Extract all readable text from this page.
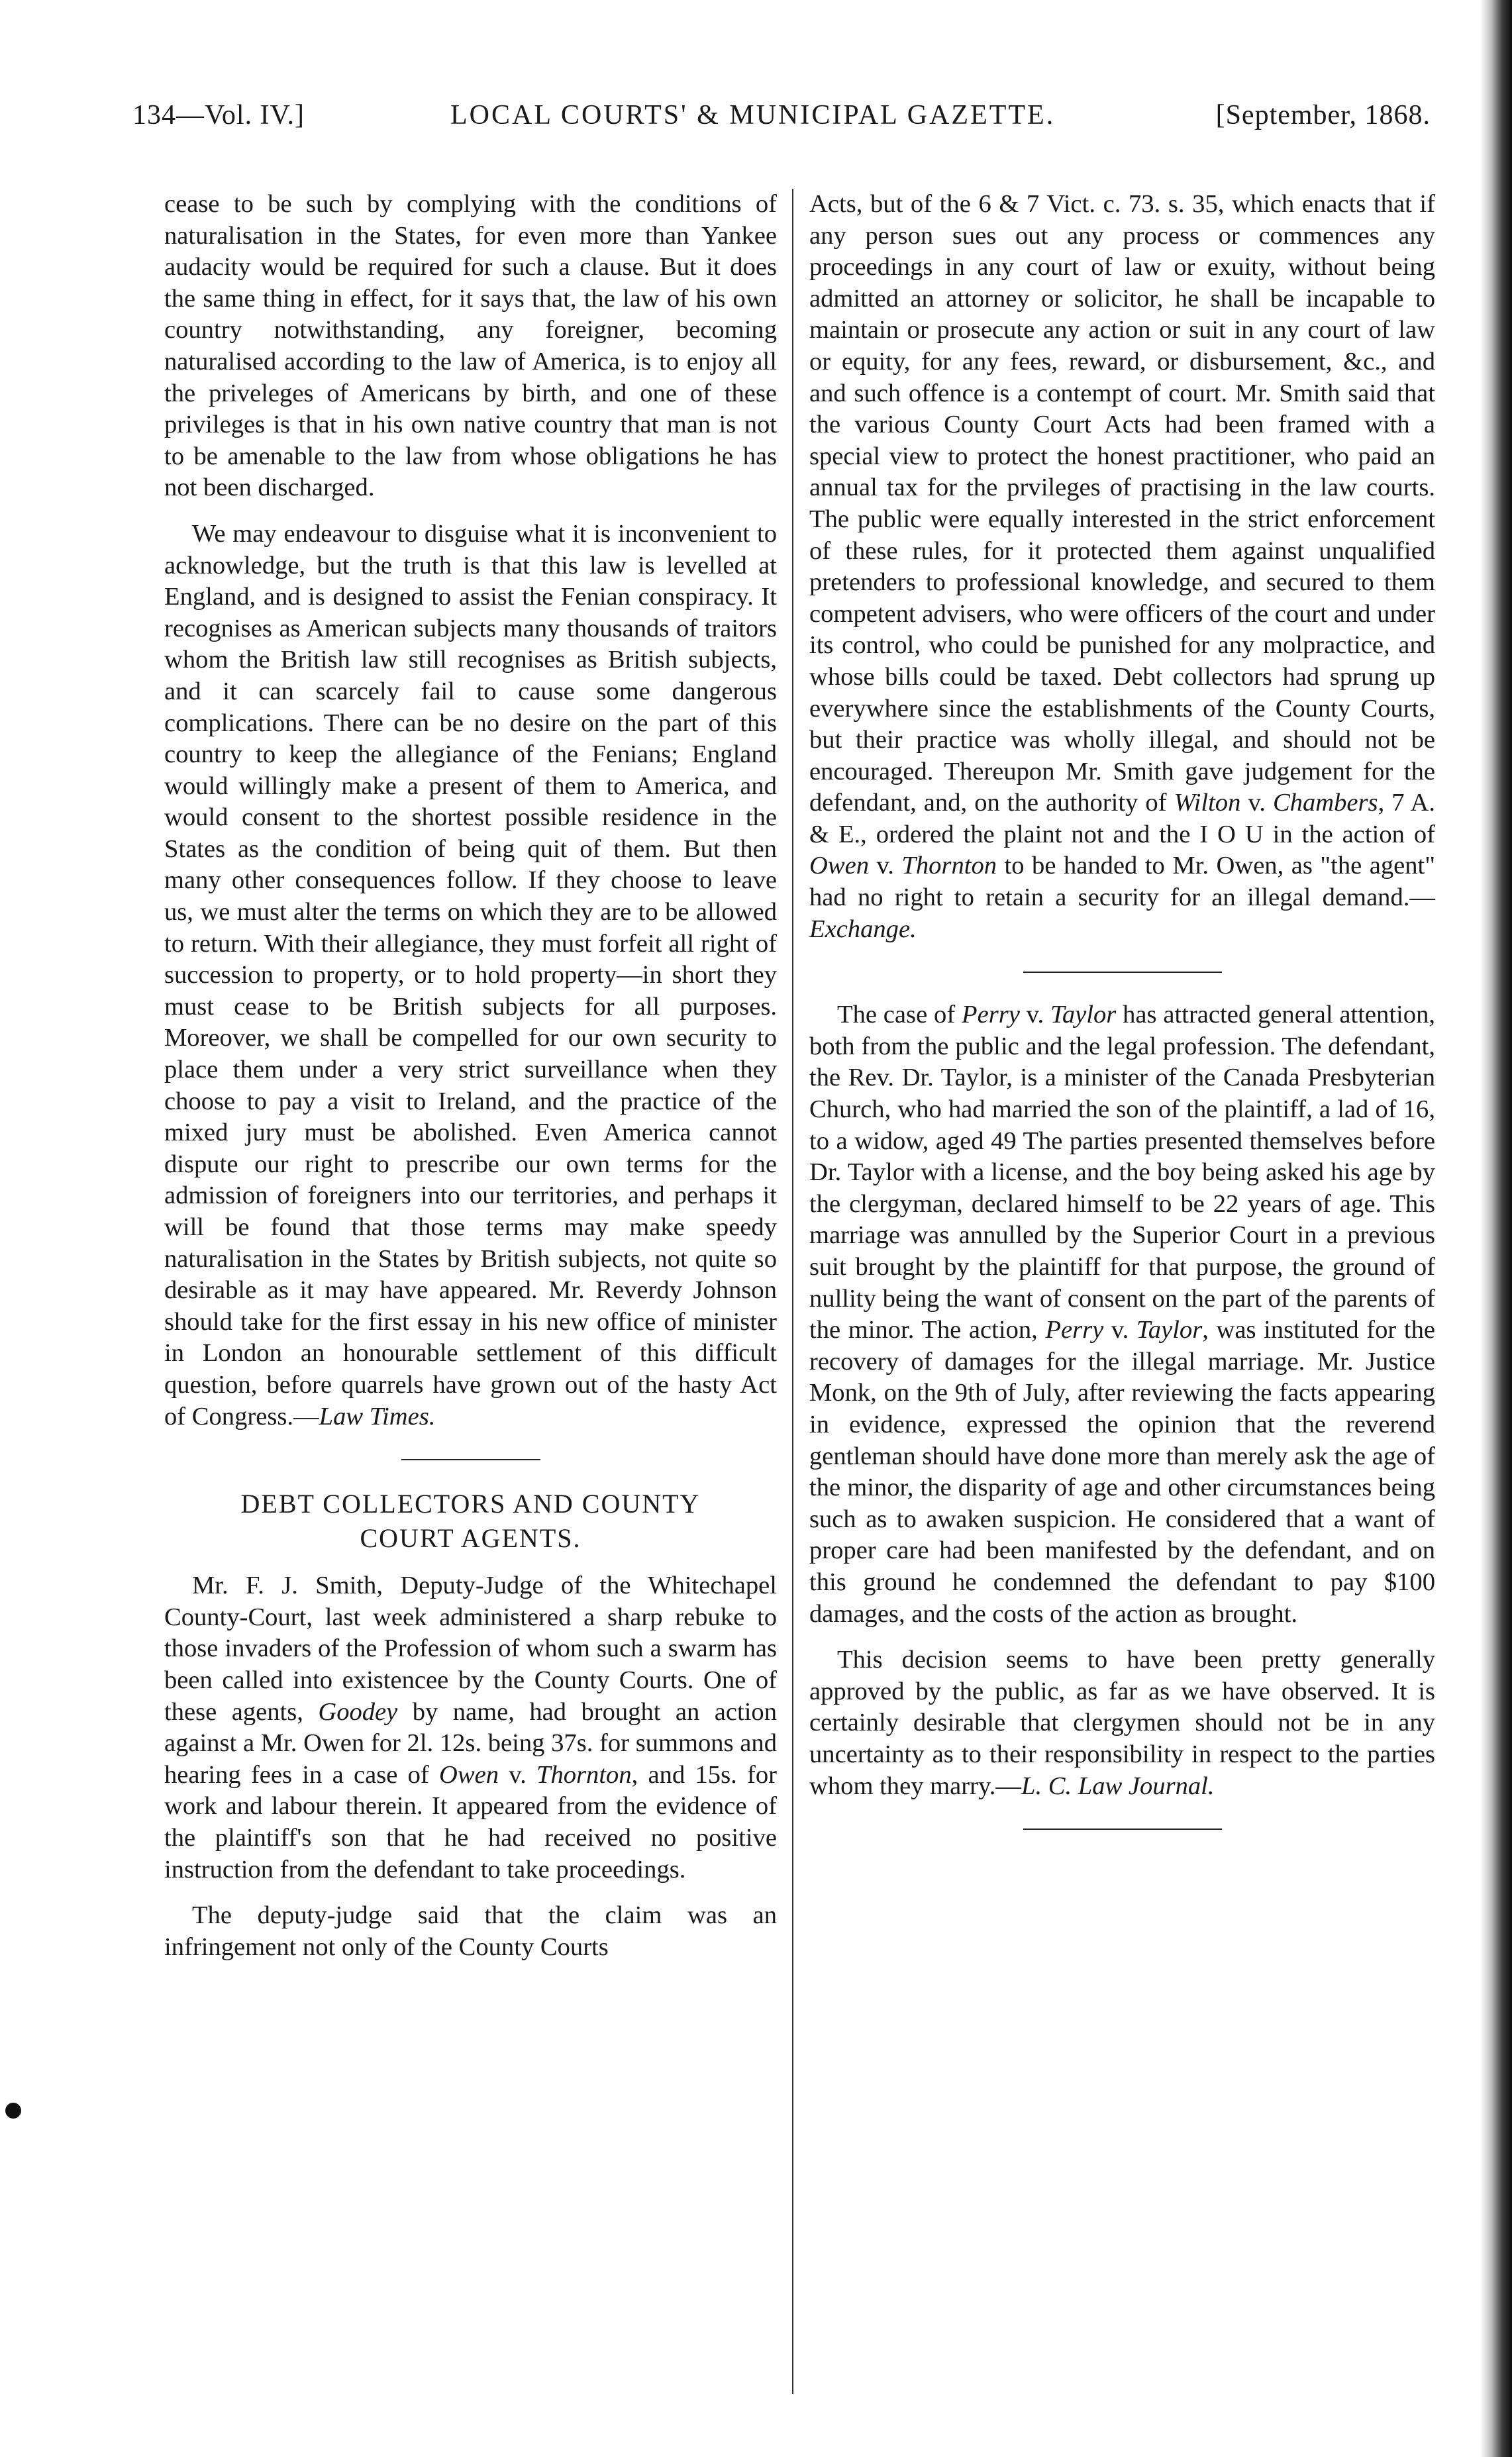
134—Vol. IV.]	LOCAL COURTS' & MUNICIPAL GAZETTE.	[September, 1868.

cease to be such by complying with the conditions of naturalisation in the States, for even more than Yankee audacity would be required for such a clause. But it does the same thing in effect, for it says that, the law of his own country notwithstanding, any foreigner, becoming naturalised according to the law of America, is to enjoy all the priveleges of Americans by birth, and one of these privileges is that in his own native country that man is not to be amenable to the law from whose obligations he has not been discharged.

We may endeavour to disguise what it is inconvenient to acknowledge, but the truth is that this law is levelled at England, and is designed to assist the Fenian conspiracy. It recognises as American subjects many thousands of traitors whom the British law still recognises as British subjects, and it can scarcely fail to cause some dangerous complications. There can be no desire on the part of this country to keep the allegiance of the Fenians; England would willingly make a present of them to America, and would consent to the shortest possible residence in the States as the condition of being quit of them. But then many other consequences follow. If they choose to leave us, we must alter the terms on which they are to be allowed to return. With their allegiance, they must forfeit all right of succession to property, or to hold property—in short they must cease to be British subjects for all purposes. Moreover, we shall be compelled for our own security to place them under a very strict surveillance when they choose to pay a visit to Ireland, and the practice of the mixed jury must be abolished. Even America cannot dispute our right to prescribe our own terms for the admission of foreigners into our territories, and perhaps it will be found that those terms may make speedy naturalisation in the States by British subjects, not quite so desirable as it may have appeared. Mr. Reverdy Johnson should take for the first essay in his new office of minister in London an honourable settlement of this difficult question, before quarrels have grown out of the hasty Act of Congress.—Law Times.

DEBT COLLECTORS AND COUNTY COURT AGENTS.

Mr. F. J. Smith, Deputy-Judge of the Whitechapel County-Court, last week administered a sharp rebuke to those invaders of the Profession of whom such a swarm has been called into existencee by the County Courts. One of these agents, Goodey by name, had brought an action against a Mr. Owen for 2l. 12s. being 37s. for summons and hearing fees in a case of Owen v. Thornton, and 15s. for work and labour therein. It appeared from the evidence of the plaintiff's son that he had received no positive instruction from the defendant to take proceedings.

The deputy-judge said that the claim was an infringement not only of the County Courts

Acts, but of the 6 & 7 Vict. c. 73. s. 35, which enacts that if any person sues out any process or commences any proceedings in any court of law or exuity, without being admitted an attorney or solicitor, he shall be incapable to maintain or prosecute any action or suit in any court of law or equity, for any fees, reward, or disbursement, &c., and and such offence is a contempt of court. Mr. Smith said that the various County Court Acts had been framed with a special view to protect the honest practitioner, who paid an annual tax for the prvileges of practising in the law courts. The public were equally interested in the strict enforcement of these rules, for it protected them against unqualified pretenders to professional knowledge, and secured to them competent advisers, who were officers of the court and under its control, who could be punished for any molpractice, and whose bills could be taxed. Debt collectors had sprung up everywhere since the establishments of the County Courts, but their practice was wholly illegal, and should not be encouraged. Thereupon Mr. Smith gave judgement for the defendant, and, on the authority of Wilton v. Chambers, 7 A. & E., ordered the plaint not and the I O U in the action of Owen v. Thornton to be handed to Mr. Owen, as "the agent" had no right to retain a security for an illegal demand.—Exchange.

The case of Perry v. Taylor has attracted general attention, both from the public and the legal profession. The defendant, the Rev. Dr. Taylor, is a minister of the Canada Presbyterian Church, who had married the son of the plaintiff, a lad of 16, to a widow, aged 49 The parties presented themselves before Dr. Taylor with a license, and the boy being asked his age by the clergyman, declared himself to be 22 years of age. This marriage was annulled by the Superior Court in a previous suit brought by the plaintiff for that purpose, the ground of nullity being the want of consent on the part of the parents of the minor. The action, Perry v. Taylor, was instituted for the recovery of damages for the illegal marriage. Mr. Justice Monk, on the 9th of July, after reviewing the facts appearing in evidence, expressed the opinion that the reverend gentleman should have done more than merely ask the age of the minor, the disparity of age and other circumstances being such as to awaken suspicion. He considered that a want of proper care had been manifested by the defendant, and on this ground he condemned the defendant to pay $100 damages, and the costs of the action as brought.

This decision seems to have been pretty generally approved by the public, as far as we have observed. It is certainly desirable that clergymen should not be in any uncertainty as to their responsibility in respect to the parties whom they marry.—L. C. Law Journal.
